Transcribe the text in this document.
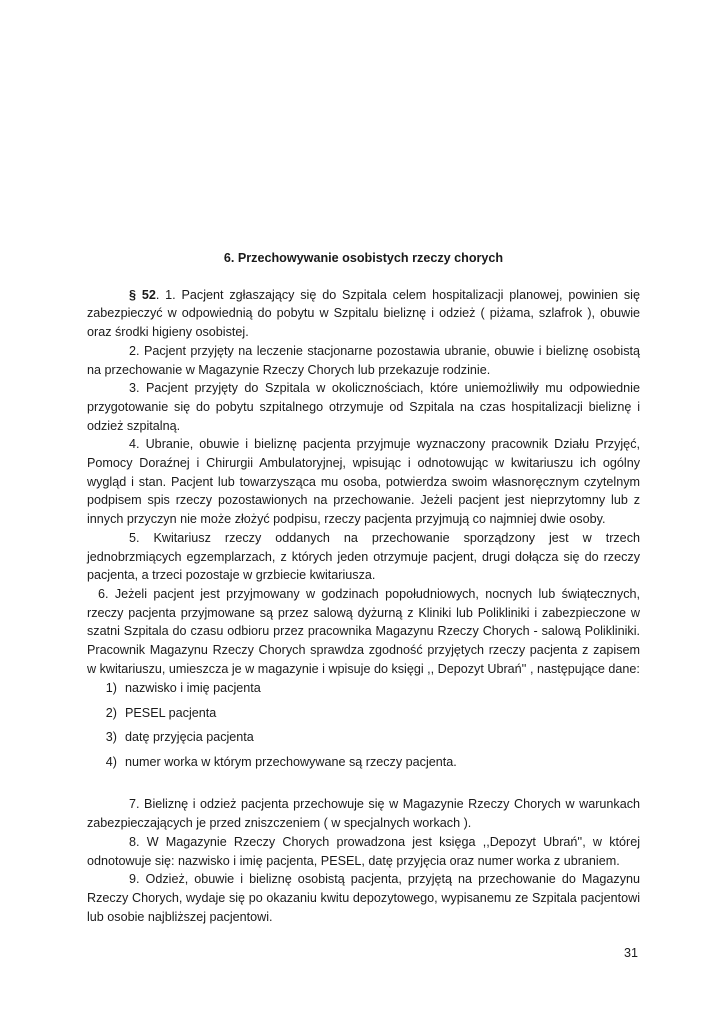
6. Przechowywanie osobistych rzeczy chorych

§ 52. 1. Pacjent zgłaszający się do Szpitala celem hospitalizacji planowej, powinien się zabezpieczyć w odpowiednią do pobytu w Szpitalu bieliznę i odzież ( piżama, szlafrok ), obuwie oraz środki higieny osobistej.

2. Pacjent przyjęty na leczenie stacjonarne pozostawia ubranie, obuwie i bieliznę osobistą na przechowanie w Magazynie Rzeczy Chorych lub przekazuje rodzinie.

3. Pacjent przyjęty do Szpitala w okolicznościach, które uniemożliwiły mu odpowiednie przygotowanie się do pobytu szpitalnego otrzymuje od Szpitala na czas hospitalizacji bieliznę i odzież szpitalną.

4. Ubranie, obuwie i bieliznę pacjenta przyjmuje wyznaczony pracownik Działu Przyjęć, Pomocy Doraźnej i Chirurgii Ambulatoryjnej, wpisując i odnotowując w kwitariuszu ich ogólny wygląd i stan. Pacjent lub towarzysząca mu osoba, potwierdza swoim własnoręcznym czytelnym podpisem spis rzeczy pozostawionych na przechowanie. Jeżeli pacjent jest nieprzytomny lub z innych przyczyn nie może złożyć podpisu, rzeczy pacjenta przyjmują co najmniej dwie osoby.

5. Kwitariusz rzeczy oddanych na przechowanie sporządzony jest w trzech jednobrzmiących egzemplarzach, z których jeden otrzymuje pacjent, drugi dołącza się do rzeczy pacjenta, a trzeci pozostaje w grzbiecie kwitariusza.

6. Jeżeli pacjent jest przyjmowany w godzinach popołudniowych, nocnych lub świątecznych, rzeczy pacjenta przyjmowane są przez salową dyżurną z Kliniki lub Polikliniki i zabezpieczone w szatni Szpitala do czasu odbioru przez pracownika Magazynu Rzeczy Chorych - salową Polikliniki. Pracownik Magazynu Rzeczy Chorych sprawdza zgodność przyjętych rzeczy pacjenta z zapisem w kwitariuszu, umieszcza je w magazynie i wpisuje do księgi ,, Depozyt Ubrań'' , następujące dane:

1) nazwisko i imię pacjenta
2) PESEL pacjenta
3) datę przyjęcia pacjenta
4) numer worka w którym przechowywane są rzeczy pacjenta.

7. Bieliznę i odzież pacjenta przechowuje się w Magazynie Rzeczy Chorych w warunkach zabezpieczających je przed zniszczeniem ( w specjalnych workach ).

8. W Magazynie Rzeczy Chorych prowadzona jest księga ,,Depozyt Ubrań'', w której odnotowuje się: nazwisko i imię pacjenta, PESEL, datę przyjęcia oraz numer worka z ubraniem.

9. Odzież, obuwie i bieliznę osobistą pacjenta, przyjętą na przechowanie do Magazynu Rzeczy Chorych, wydaje się po okazaniu kwitu depozytowego, wypisanemu ze Szpitala pacjentowi lub osobie najbliższej pacjentowi.

31
